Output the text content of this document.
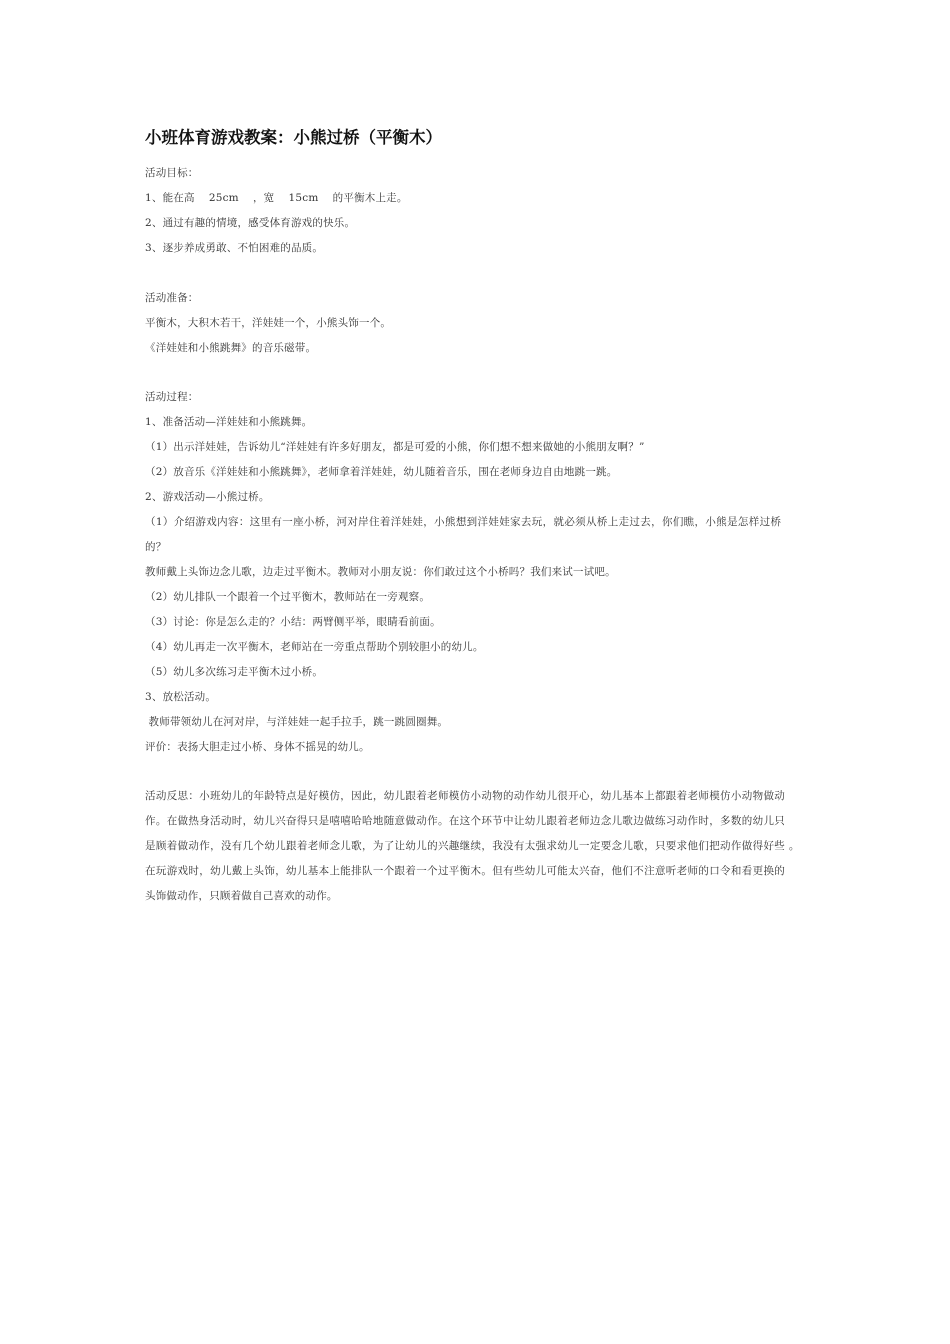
小班体育游戏教案：小熊过桥（平衡木）
活动目标：
1、能在高    25cm    ，宽    15cm    的平衡木上走。
2、通过有趣的情境，感受体育游戏的快乐。
3、逐步养成勇敢、不怕困难的品质。
活动准备：
平衡木，大积木若干，洋娃娃一个，小熊头饰一个。
《洋娃娃和小熊跳舞》的音乐磁带。
活动过程：
1、准备活动—洋娃娃和小熊跳舞。
（1）出示洋娃娃，告诉幼儿“洋娃娃有许多好朋友，都是可爱的小熊，你们想不想来做她的小熊朋友啊？”
（2）放音乐《洋娃娃和小熊跳舞》，老师拿着洋娃娃，幼儿随着音乐，围在老师身边自由地跳一跳。
2、游戏活动—小熊过桥。
（1）介绍游戏内容：这里有一座小桥，河对岸住着洋娃娃，小熊想到洋娃娃家去玩，就必须从桥上走过去，你们瞧，小熊是怎样过桥
的？
教师戴上头饰边念儿歌，边走过平衡木。教师对小朋友说：你们敢过这个小桥吗？我们来试一试吧。
（2）幼儿排队一个跟着一个过平衡木，教师站在一旁观察。
（3）讨论：你是怎么走的？小结：两臂侧平举，眼睛看前面。
（4）幼儿再走一次平衡木，老师站在一旁重点帮助个别较胆小的幼儿。
（5）幼儿多次练习走平衡木过小桥。
3、放松活动。
教师带领幼儿在河对岸，与洋娃娃一起手拉手，跳一跳圆圈舞。
评价：表扬大胆走过小桥、身体不摇晃的幼儿。
活动反思：小班幼儿的年龄特点是好模仿，因此，幼儿跟着老师模仿小动物的动作幼儿很开心，幼儿基本上都跟着老师模仿小动物做动
作。在做热身活动时，幼儿兴奋得只是嘻嘻哈哈地随意做动作。在这个环节中让幼儿跟着老师边念儿歌边做练习动作时，多数的幼儿只
是顾着做动作，没有几个幼儿跟着老师念儿歌，为了让幼儿的兴趣继续，我没有太强求幼儿一定要念儿歌，只要求他们把动作做得好些 。
在玩游戏时，幼儿戴上头饰，幼儿基本上能排队一个跟着一个过平衡木。但有些幼儿可能太兴奋，他们不注意听老师的口令和看更换的
头饰做动作，只顾着做自己喜欢的动作。
